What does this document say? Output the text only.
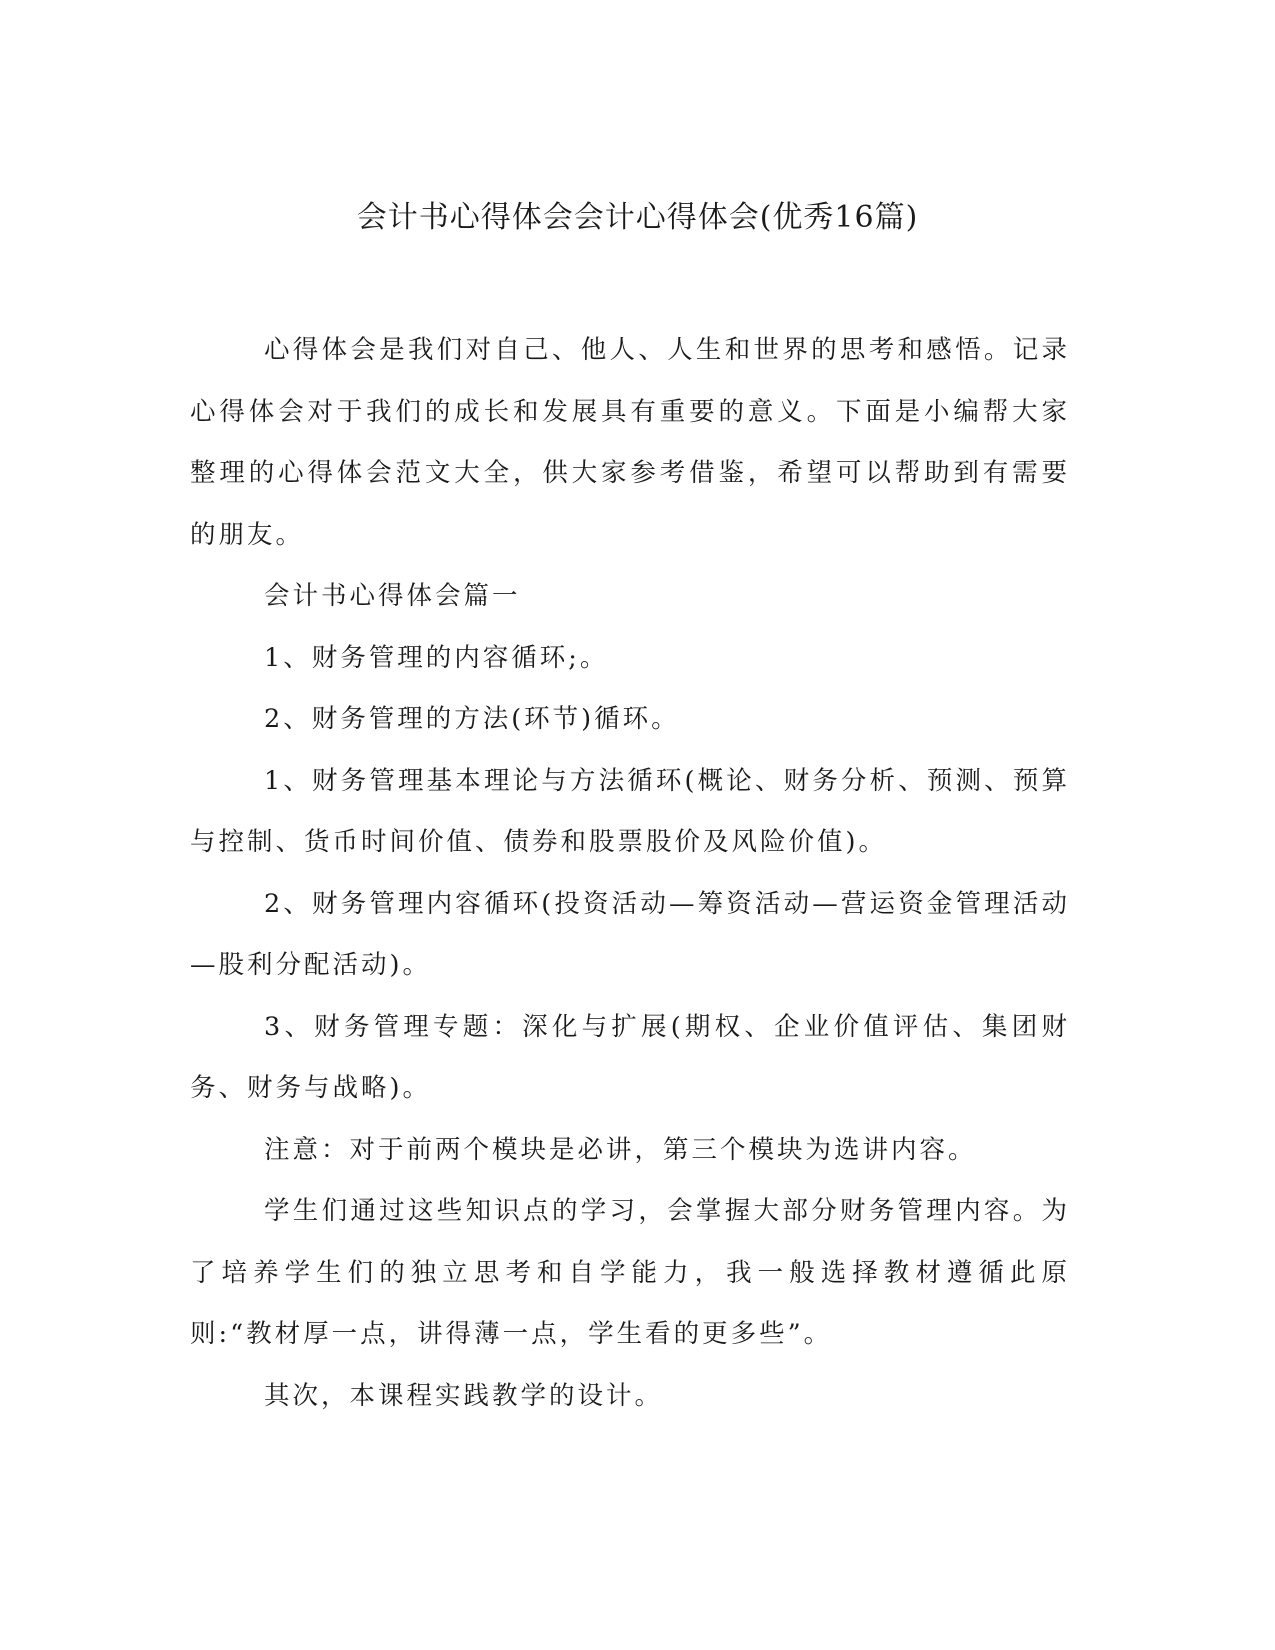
会计书心得体会会计心得体会(优秀16篇)

心得体会是我们对自己、他人、人生和世界的思考和感悟。记录心得体会对于我们的成长和发展具有重要的意义。下面是小编帮大家整理的心得体会范文大全，供大家参考借鉴，希望可以帮助到有需要的朋友。

会计书心得体会篇一

1、财务管理的内容循环;。

2、财务管理的方法(环节)循环。

1、财务管理基本理论与方法循环(概论、财务分析、预测、预算与控制、货币时间价值、债券和股票股价及风险价值)。

2、财务管理内容循环(投资活动—筹资活动—营运资金管理活动—股利分配活动)。

3、财务管理专题：深化与扩展(期权、企业价值评估、集团财务、财务与战略)。

注意：对于前两个模块是必讲，第三个模块为选讲内容。

学生们通过这些知识点的学习，会掌握大部分财务管理内容。为了培养学生们的独立思考和自学能力，我一般选择教材遵循此原则:“教材厚一点，讲得薄一点，学生看的更多些”。

其次，本课程实践教学的设计。
